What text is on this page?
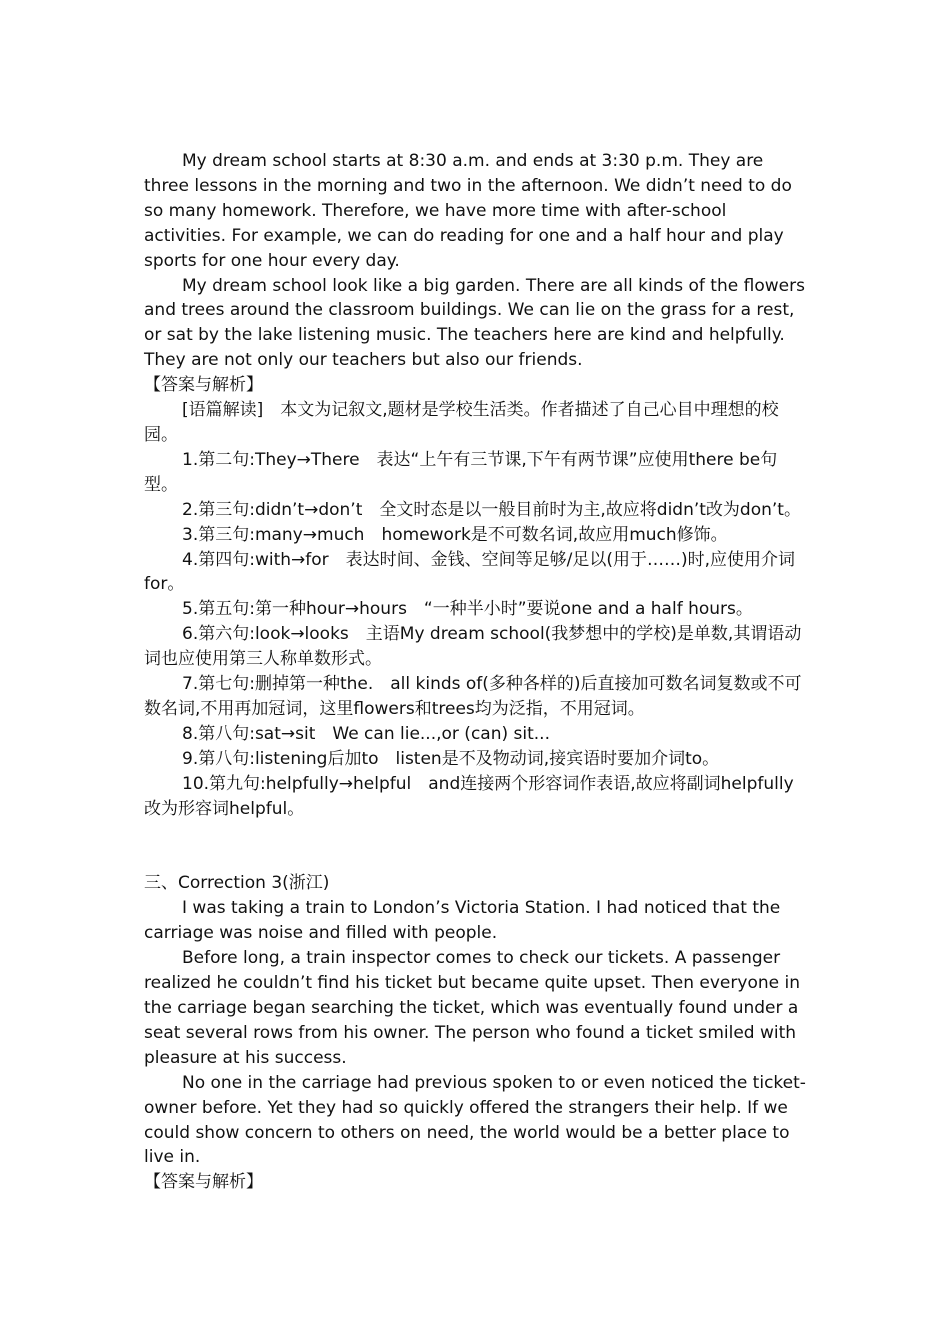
My dream school starts at 8:30 a.m. and ends at 3:30 p.m. They are three lessons in the morning and two in the afternoon. We didn’t need to do so many homework. Therefore, we have more time with after-school activities. For example, we can do reading for one and a half hour and play sports for one hour every day.

My dream school look like a big garden. There are all kinds of the flowers and trees around the classroom buildings. We can lie on the grass for a rest, or sat by the lake listening music. The teachers here are kind and helpfully. They are not only our teachers but also our friends.

【答案与解析】

[语篇解读]　本文为记叙文,题材是学校生活类。作者描述了自己心目中理想的校园。

1.第二句:They→There　表达“上午有三节课,下午有两节课”应使用there be句型。

2.第三句:didn’t→don’t　全文时态是以一般目前时为主,故应将didn’t改为don’t。

3.第三句:many→much　homework是不可数名词,故应用much修饰。

4.第四句:with→for　表达时间、金钱、空间等足够/足以(用于……)时,应使用介词for。

5.第五句:第一种hour→hours　“一种半小时”要说one and a half hours。

6.第六句:look→looks　主语My dream school(我梦想中的学校)是单数,其谓语动词也应使用第三人称单数形式。

7.第七句:删掉第一种the.　all kinds of(多种各样的)后直接加可数名词复数或不可数名词,不用再加冠词，这里flowers和trees均为泛指，不用冠词。

8.第八句:sat→sit　We can lie...,or (can) sit...

9.第八句:listening后加to　listen是不及物动词,接宾语时要加介词to。

10.第九句:helpfully→helpful　and连接两个形容词作表语,故应将副词helpfully改为形容词helpful。

三、Correction 3(浙江)

I was taking a train to London’s Victoria Station. I had noticed that the carriage was noise and filled with people.

Before long, a train inspector comes to check our tickets. A passenger realized he couldn’t find his ticket but became quite upset. Then everyone in the carriage began searching the ticket, which was eventually found under a seat several rows from his owner. The person who found a ticket smiled with pleasure at his success.

No one in the carriage had previous spoken to or even noticed the ticket-owner before. Yet they had so quickly offered the strangers their help. If we could show concern to others on need, the world would be a better place to live in.

【答案与解析】
